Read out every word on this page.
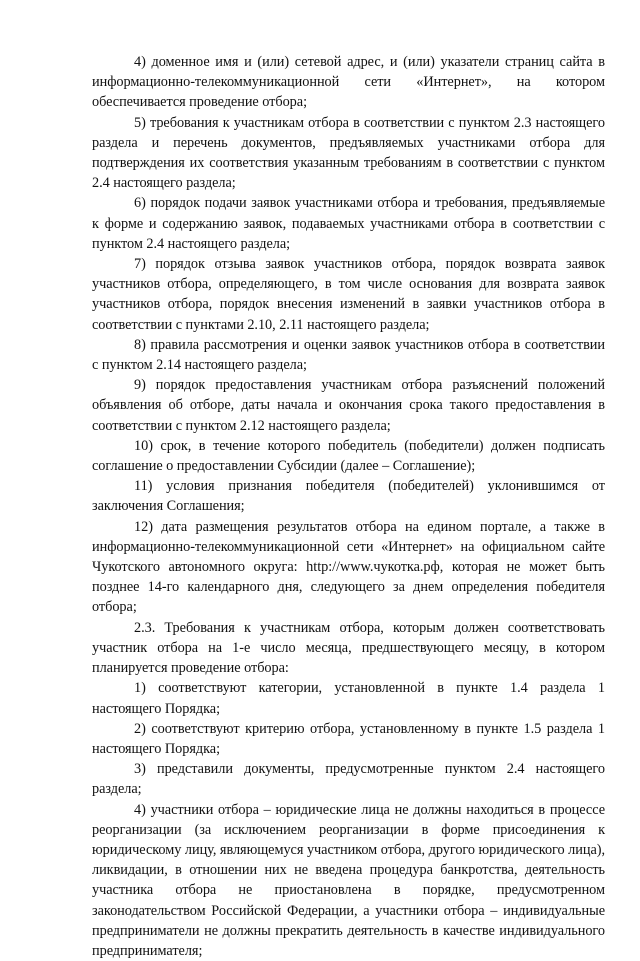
4) доменное имя и (или) сетевой адрес, и (или) указатели страниц сайта в информационно-телекоммуникационной сети «Интернет», на котором обеспечивается проведение отбора;

5) требования к участникам отбора в соответствии с пунктом 2.3 настоящего раздела и перечень документов, предъявляемых участниками отбора для подтверждения их соответствия указанным требованиям в соответствии с пунктом 2.4 настоящего раздела;

6) порядок подачи заявок участниками отбора и требования, предъявляемые к форме и содержанию заявок, подаваемых участниками отбора в соответствии с пунктом 2.4 настоящего раздела;

7) порядок отзыва заявок участников отбора, порядок возврата заявок участников отбора, определяющего, в том числе основания для возврата заявок участников отбора, порядок внесения изменений в заявки участников отбора в соответствии с пунктами 2.10, 2.11 настоящего раздела;

8) правила рассмотрения и оценки заявок участников отбора в соответствии с пунктом 2.14 настоящего раздела;

9) порядок предоставления участникам отбора разъяснений положений объявления об отборе, даты начала и окончания срока такого предоставления в соответствии с пунктом 2.12 настоящего раздела;

10) срок, в течение которого победитель (победители) должен подписать соглашение о предоставлении Субсидии (далее – Соглашение);

11) условия признания победителя (победителей) уклонившимся от заключения Соглашения;

12) дата размещения результатов отбора на едином портале, а также в информационно-телекоммуникационной сети «Интернет» на официальном сайте Чукотского автономного округа: http://www.чукотка.рф, которая не может быть позднее 14-го календарного дня, следующего за днем определения победителя отбора;

2.3. Требования к участникам отбора, которым должен соответствовать участник отбора на 1-е число месяца, предшествующего месяцу, в котором планируется проведение отбора:

1) соответствуют категории, установленной в пункте 1.4 раздела 1 настоящего Порядка;

2) соответствуют критерию отбора, установленному в пункте 1.5 раздела 1 настоящего Порядка;

3) представили документы, предусмотренные пунктом 2.4 настоящего раздела;

4) участники отбора – юридические лица не должны находиться в процессе реорганизации (за исключением реорганизации в форме присоединения к юридическому лицу, являющемуся участником отбора, другого юридического лица), ликвидации, в отношении них не введена процедура банкротства, деятельность участника отбора не приостановлена в порядке, предусмотренном законодательством Российской Федерации, а участники отбора – индивидуальные предприниматели не должны прекратить деятельность в качестве индивидуального предпринимателя;
